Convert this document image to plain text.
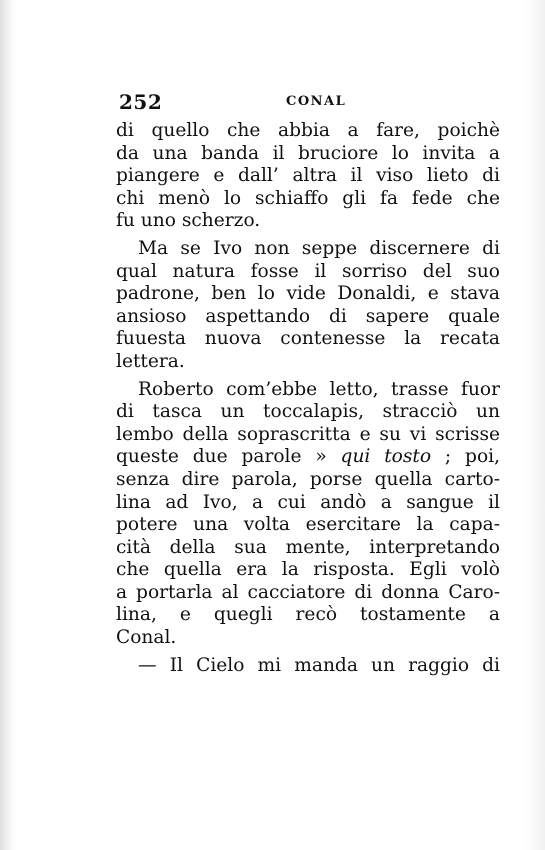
252	CONAL
di quello che abbia a fare, poichè
da una banda il bruciore lo invita a
piangere e dall’ altra il viso lieto di
chi menò lo schiaffo gli fa fede che
fu uno scherzo.
Ma se Ivo non seppe discernere di
qual natura fosse il sorriso del suo
padrone, ben lo vide Donaldi, e stava
ansioso aspettando di sapere quale
fuuesta nuova contenesse la recata
lettera.
Roberto com’ebbe letto, trasse fuor
di tasca un toccalapis, stracciò un
lembo della soprascritta e su vi scrisse
queste due parole » qui tosto ; poi,
senza dire parola, porse quella carto-
lina ad Ivo, a cui andò a sangue il
potere una volta esercitare la capa-
cità della sua mente, interpretando
che quella era la risposta. Egli volò
a portarla al cacciatore di donna Caro-
lina, e quegli recò tostamente a
Conal.
— Il Cielo mi manda un raggio di
